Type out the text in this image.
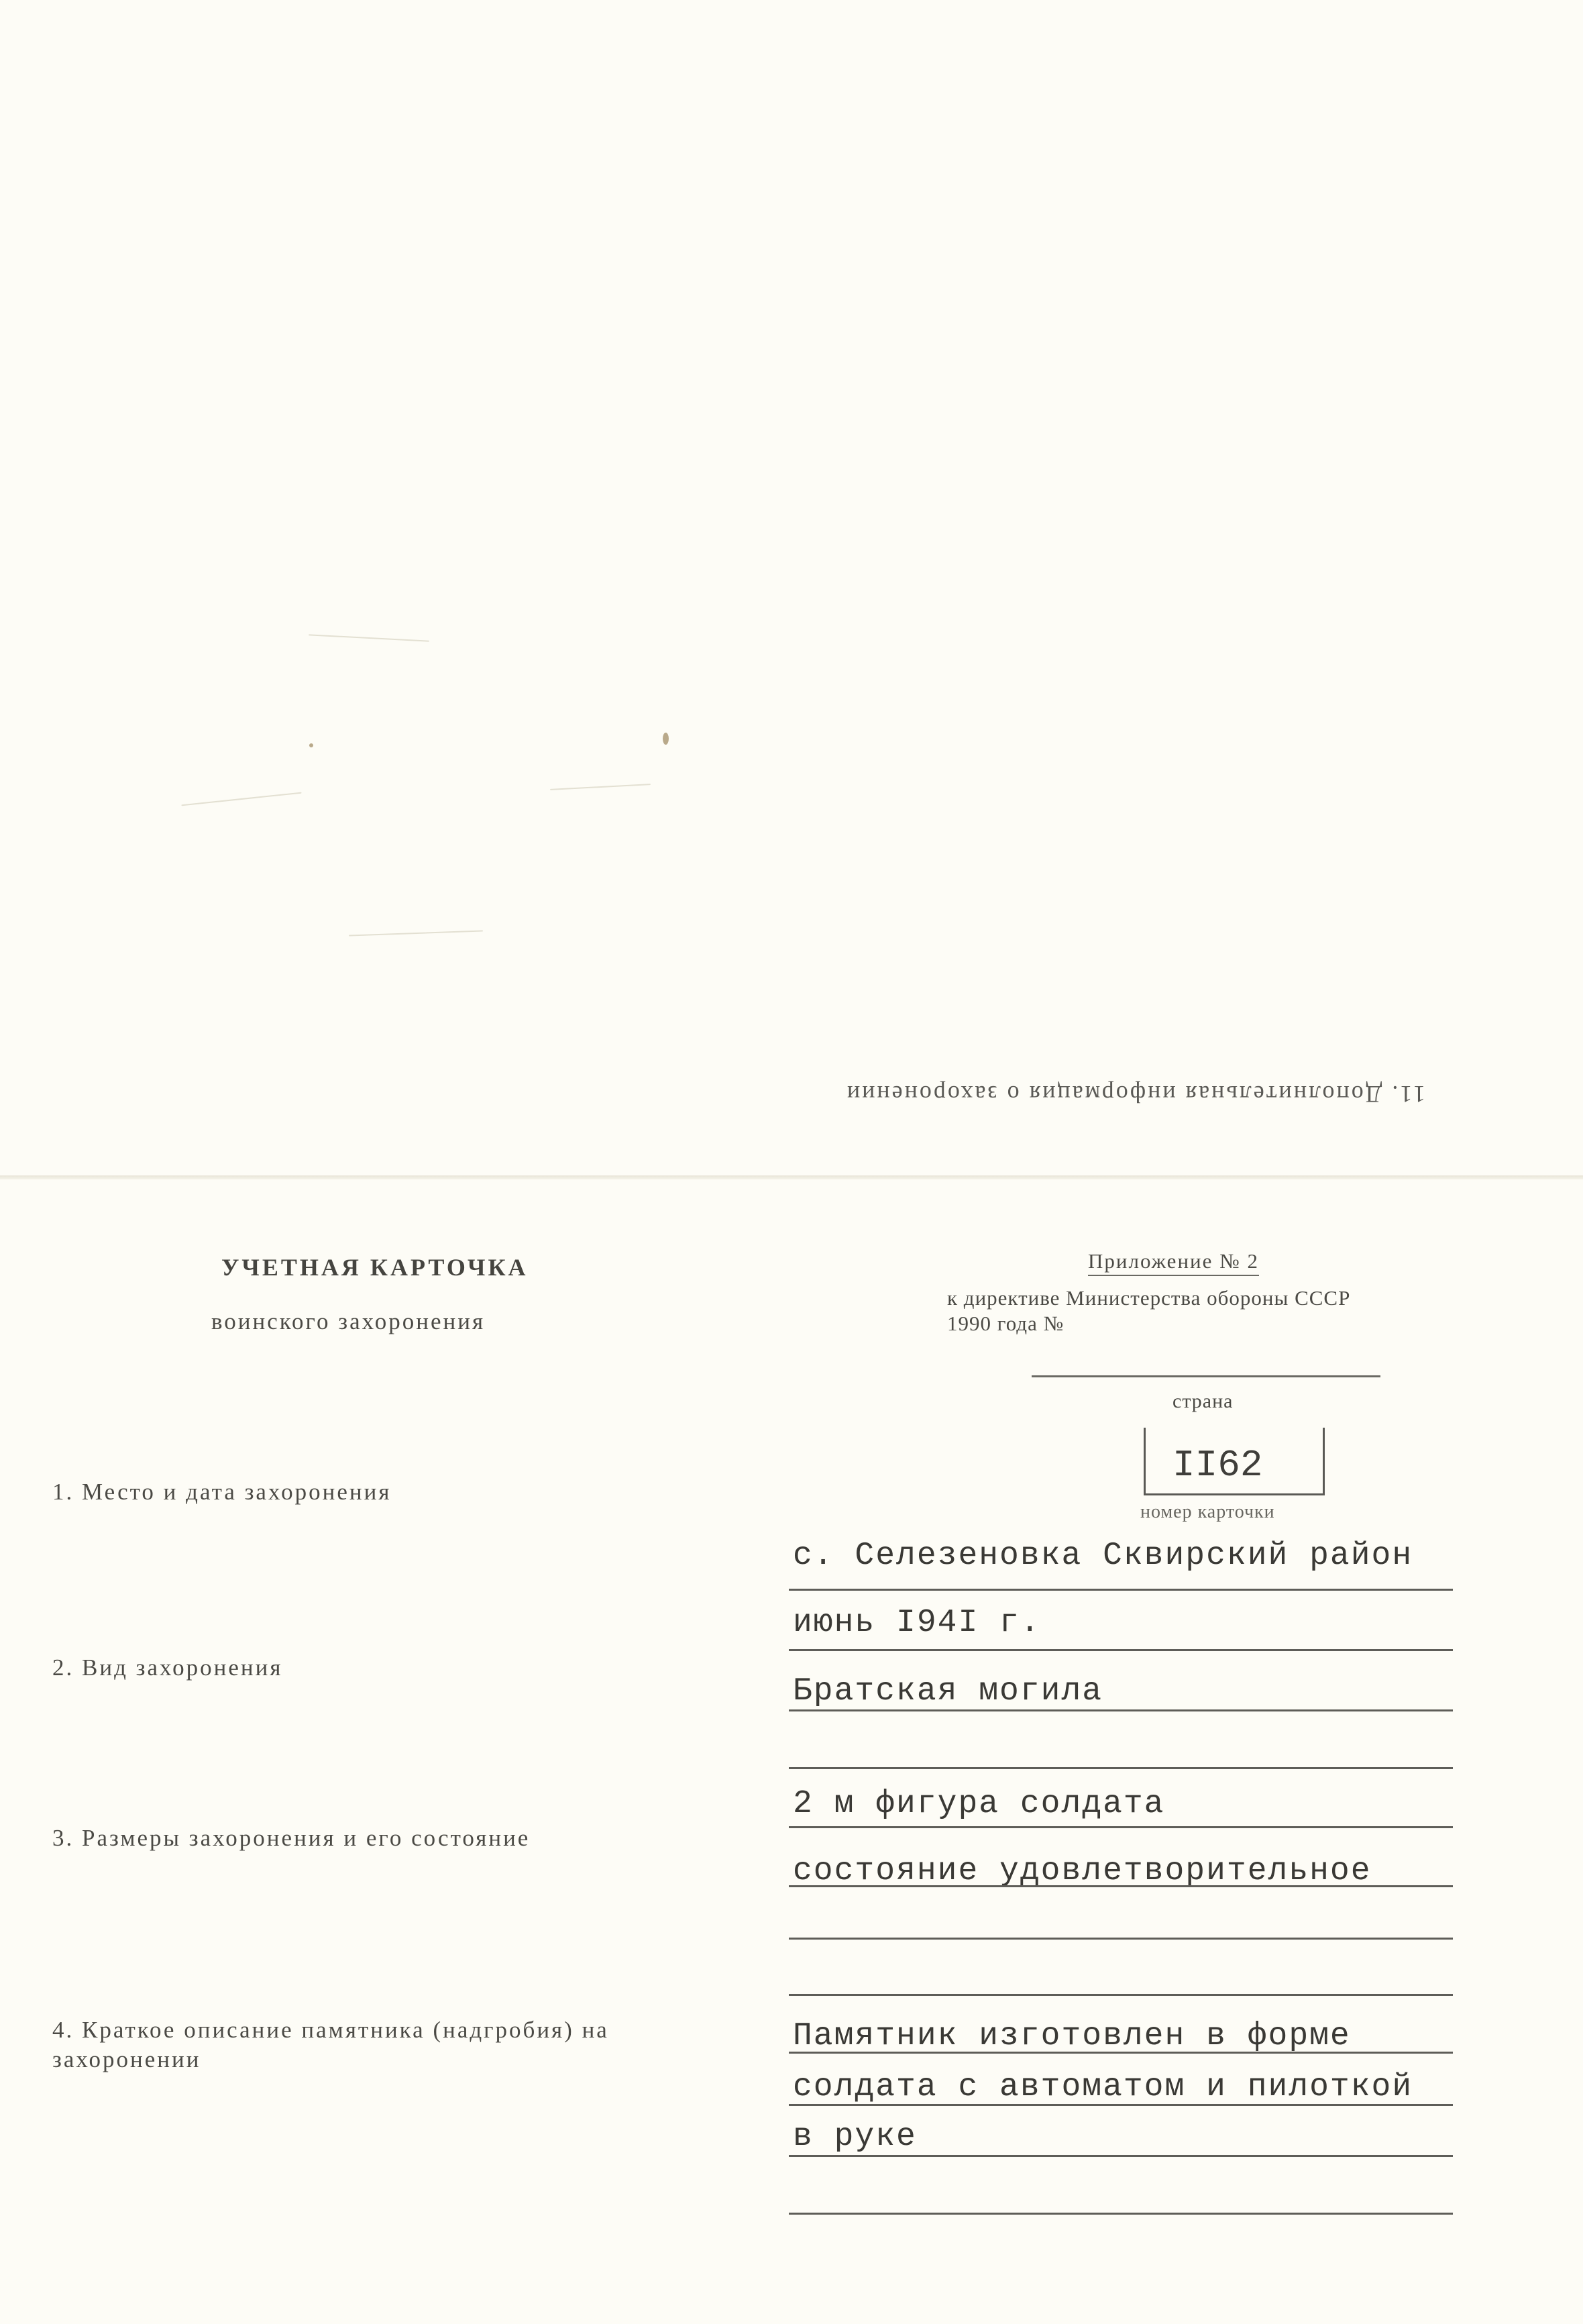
11. Дополнительная информация о захоронении
УЧЕТНАЯ КАРТОЧКА
воинского захоронения
Приложение № 2
к директиве Министерства обороны СССР
1990 года №
страна
II62
номер карточки
1. Место и дата захоронения
2. Вид захоронения
3. Размеры захоронения и его состояние
4. Краткое описание памятника (надгробия) на захоронении
с. Селезеновка Сквирский район
июнь I94I г.
Братская могила
2 м фигура солдата
состояние удовлетворительное
Памятник изготовлен в форме
солдата с автоматом и пилоткой
в руке
